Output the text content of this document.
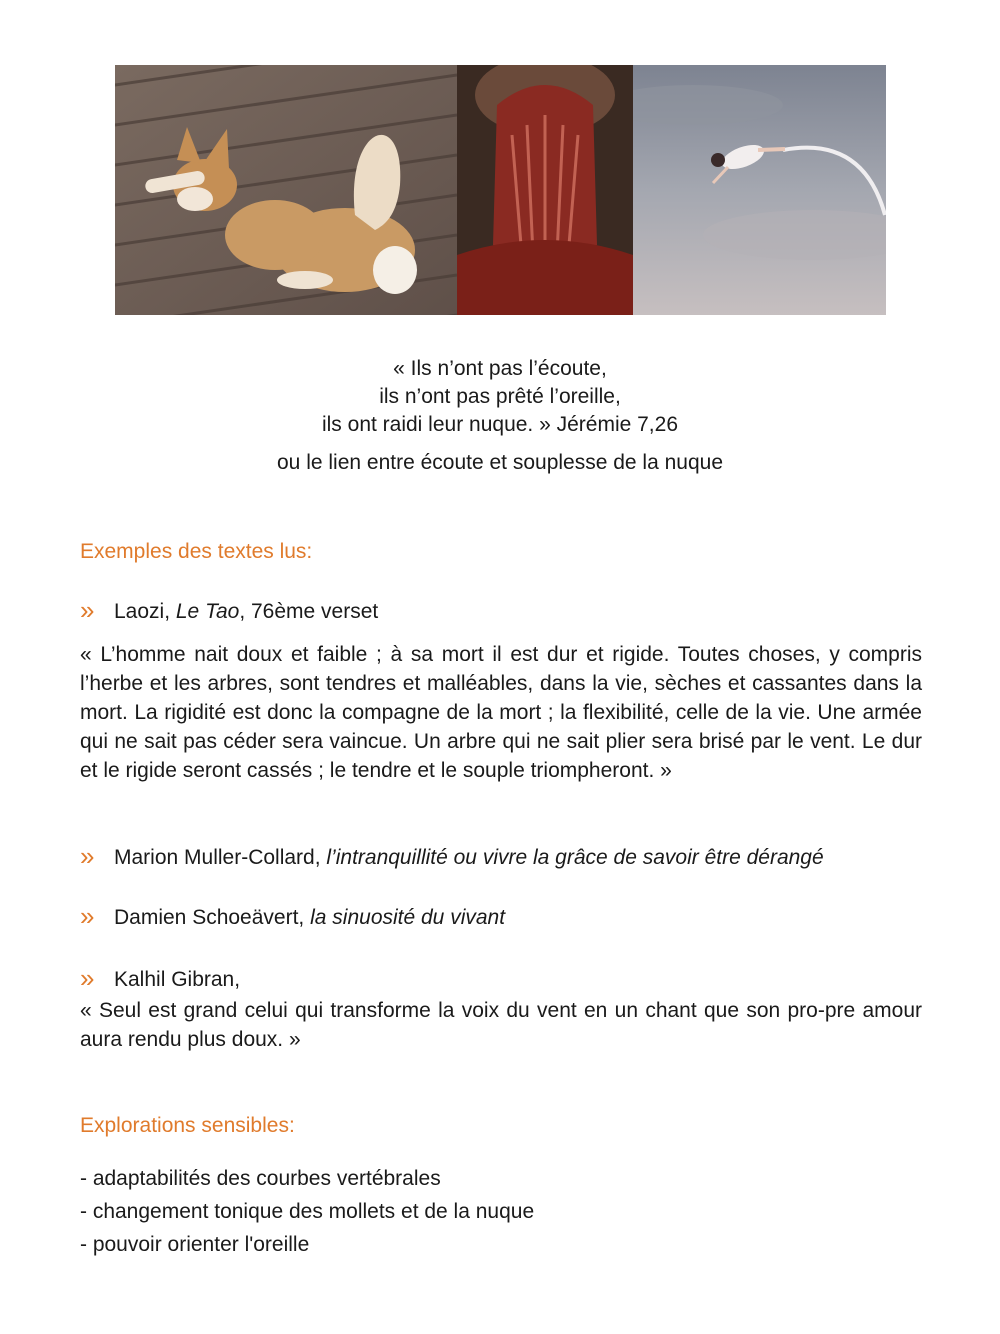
« Ils n’ont pas l’écoute,
ils n’ont pas prêté l’oreille,
ils ont raidi leur nuque. » Jérémie 7,26
ou le lien entre écoute et souplesse de la nuque
Exemples des textes lus:
» Laozi, Le Tao, 76ème verset
« L’homme nait doux et faible ; à sa mort il est dur et rigide. Toutes choses, y compris l’herbe et les arbres, sont tendres et malléables, dans la vie, sèches et cassantes dans la mort. La rigidité est donc la compagne de la mort ; la flexibilité, celle de la vie. Une armée qui ne sait pas céder sera vaincue. Un arbre qui ne sait plier sera brisé par le vent. Le dur et le rigide seront cassés ; le tendre et le souple triompheront. »
» Marion Muller-Collard, l’intranquillité ou vivre la grâce de savoir être dérangé
» Damien Schoeävert, la sinuosité du vivant
» Kalhil Gibran,
« Seul est grand celui qui transforme la voix du vent en un chant que son pro-pre amour aura rendu plus doux. »
Explorations sensibles:
- adaptabilités des courbes vertébrales
- changement tonique des mollets et de la nuque
- pouvoir orienter l'oreille
